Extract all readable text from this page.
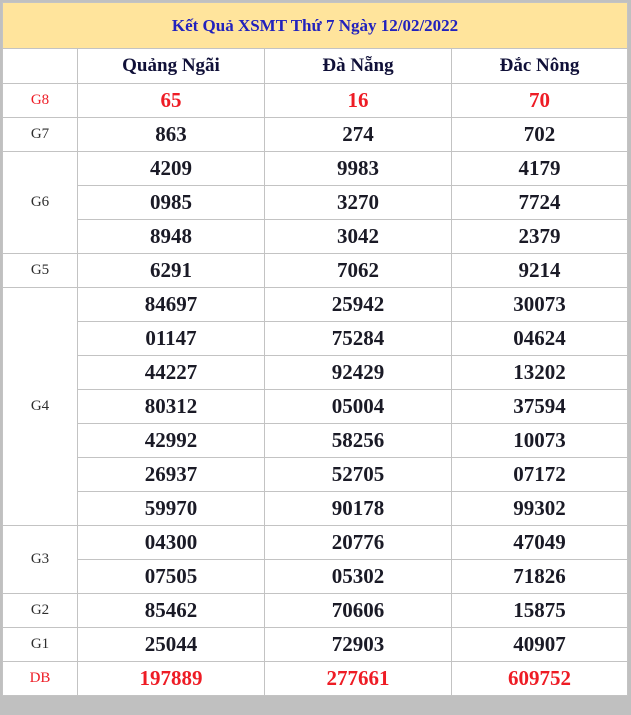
Kết Quả XSMT Thứ 7 Ngày 12/02/2022			
	Quảng Ngãi	Đà Nẵng	Đắc Nông
G8	65	16	70
G7	863	274	702
G6	4209	9983	4179
	0985	3270	7724
	8948	3042	2379
G5	6291	7062	9214
G4	84697	25942	30073
	01147	75284	04624
	44227	92429	13202
	80312	05004	37594
	42992	58256	10073
	26937	52705	07172
	59970	90178	99302
G3	04300	20776	47049
	07505	05302	71826
G2	85462	70606	15875
G1	25044	72903	40907
DB	197889	277661	609752
